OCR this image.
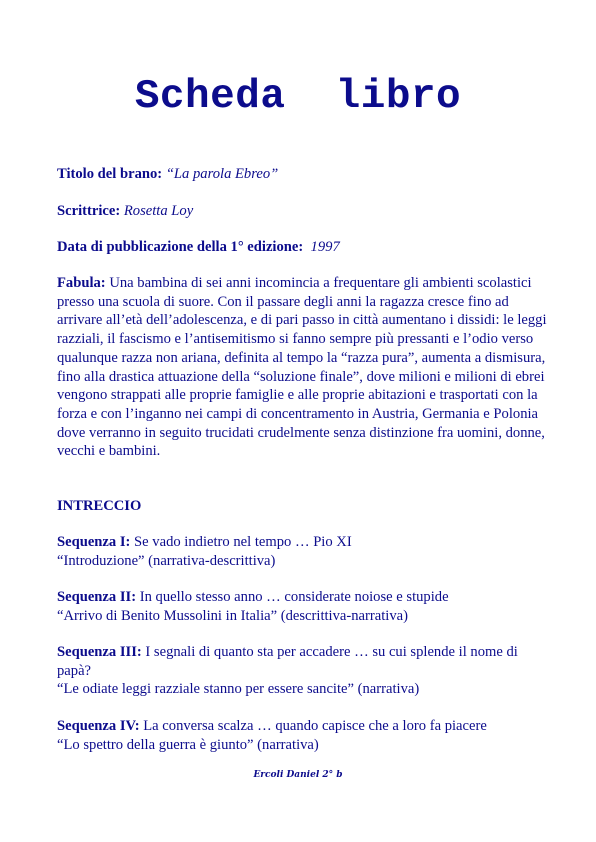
Scheda  libro
Titolo del brano: “La parola Ebreo”
Scrittrice: Rosetta Loy
Data di pubblicazione della 1° edizione: 1997
Fabula: Una bambina di sei anni incomincia a frequentare gli ambienti scolastici presso una scuola di suore. Con il passare degli anni la ragazza cresce fino ad arrivare all’età dell’adolescenza, e di pari passo in città aumentano i dissidi: le leggi razziali, il fascismo e l’antisemitismo si fanno sempre più pressanti e l’odio verso qualunque razza non ariana, definita al tempo la “razza pura”, aumenta a dismisura, fino alla drastica attuazione della “soluzione finale”, dove milioni e milioni di ebrei vengono strappati alle proprie famiglie e alle proprie abitazioni e trasportati con la forza e con l’inganno nei campi di concentramento in Austria, Germania e Polonia dove verranno in seguito trucidati crudelmente senza distinzione fra uomini, donne, vecchi e bambini.
INTRECCIO
Sequenza I: Se vado indietro nel tempo … Pio XI
“Introduzione” (narrativa-descrittiva)
Sequenza II: In quello stesso anno … considerate noiose e stupide
“Arrivo di Benito Mussolini in Italia” (descrittiva-narrativa)
Sequenza III: I segnali di quanto sta per accadere … su cui splende il nome di papà?
“Le odiate leggi razziale stanno per essere sancite” (narrativa)
Sequenza IV: La conversa scalza … quando capisce che a loro fa piacere
“Lo spettro della guerra è giunto” (narrativa)
Ercoli Daniel 2° b
